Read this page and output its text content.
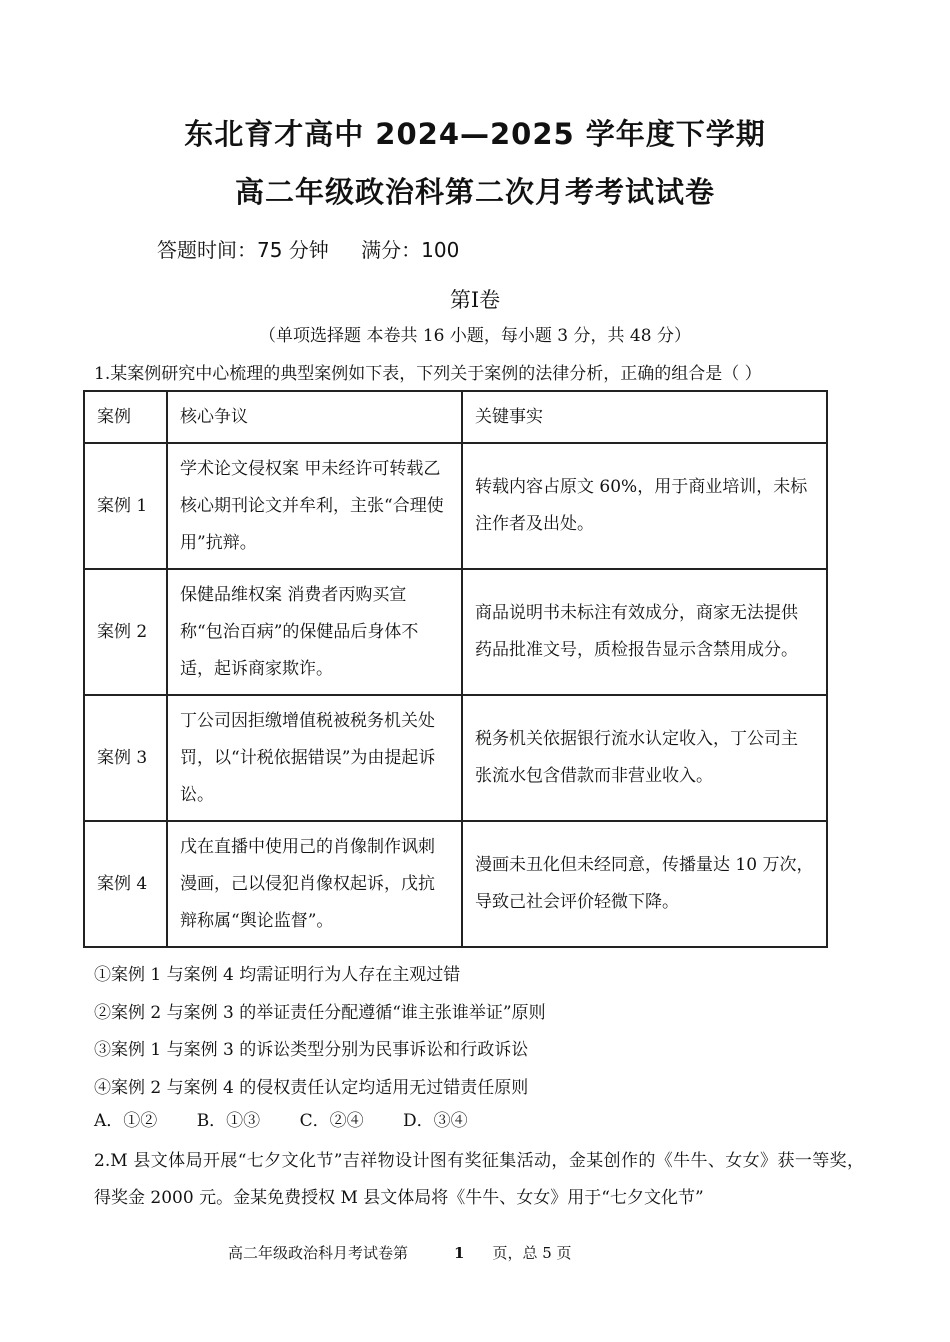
东北育才高中 2024—2025 学年度下学期
高二年级政治科第二次月考考试试卷
答题时间：75 分钟 满分：100
第Ⅰ卷
（单项选择题 本卷共 16 小题，每小题 3 分，共 48 分）
1.某案例研究中心梳理的典型案例如下表，下列关于案例的法律分析，正确的组合是（ ）
案例	核心争议	关键事实
案例 1	学术论文侵权案 甲未经许可转载乙核心期刊论文并牟利，主张“合理使用”抗辩。	转载内容占原文 60%，用于商业培训，未标注作者及出处。
案例 2	保健品维权案 消费者丙购买宣称“包治百病”的保健品后身体不适，起诉商家欺诈。	商品说明书未标注有效成分，商家无法提供药品批准文号，质检报告显示含禁用成分。
案例 3	丁公司因拒缴增值税被税务机关处罚，以“计税依据错误”为由提起诉讼。	税务机关依据银行流水认定收入，丁公司主张流水包含借款而非营业收入。
案例 4	戊在直播中使用己的肖像制作讽刺漫画，己以侵犯肖像权起诉，戊抗辩称属“舆论监督”。	漫画未丑化但未经同意，传播量达 10 万次，导致己社会评价轻微下降。
①案例 1 与案例 4 均需证明行为人存在主观过错
②案例 2 与案例 3 的举证责任分配遵循“谁主张谁举证”原则
③案例 1 与案例 3 的诉讼类型分别为民事诉讼和行政诉讼
④案例 2 与案例 4 的侵权责任认定均适用无过错责任原则
A．①② B．①③ C．②④ D．③④
2.M 县文体局开展“七夕文化节”吉祥物设计图有奖征集活动，金某创作的《牛牛、女女》获一等奖，得奖金 2000 元。金某免费授权 M 县文体局将《牛牛、女女》用于“七夕文化节”
高二年级政治科月考试卷第	1 页，总 5 页
